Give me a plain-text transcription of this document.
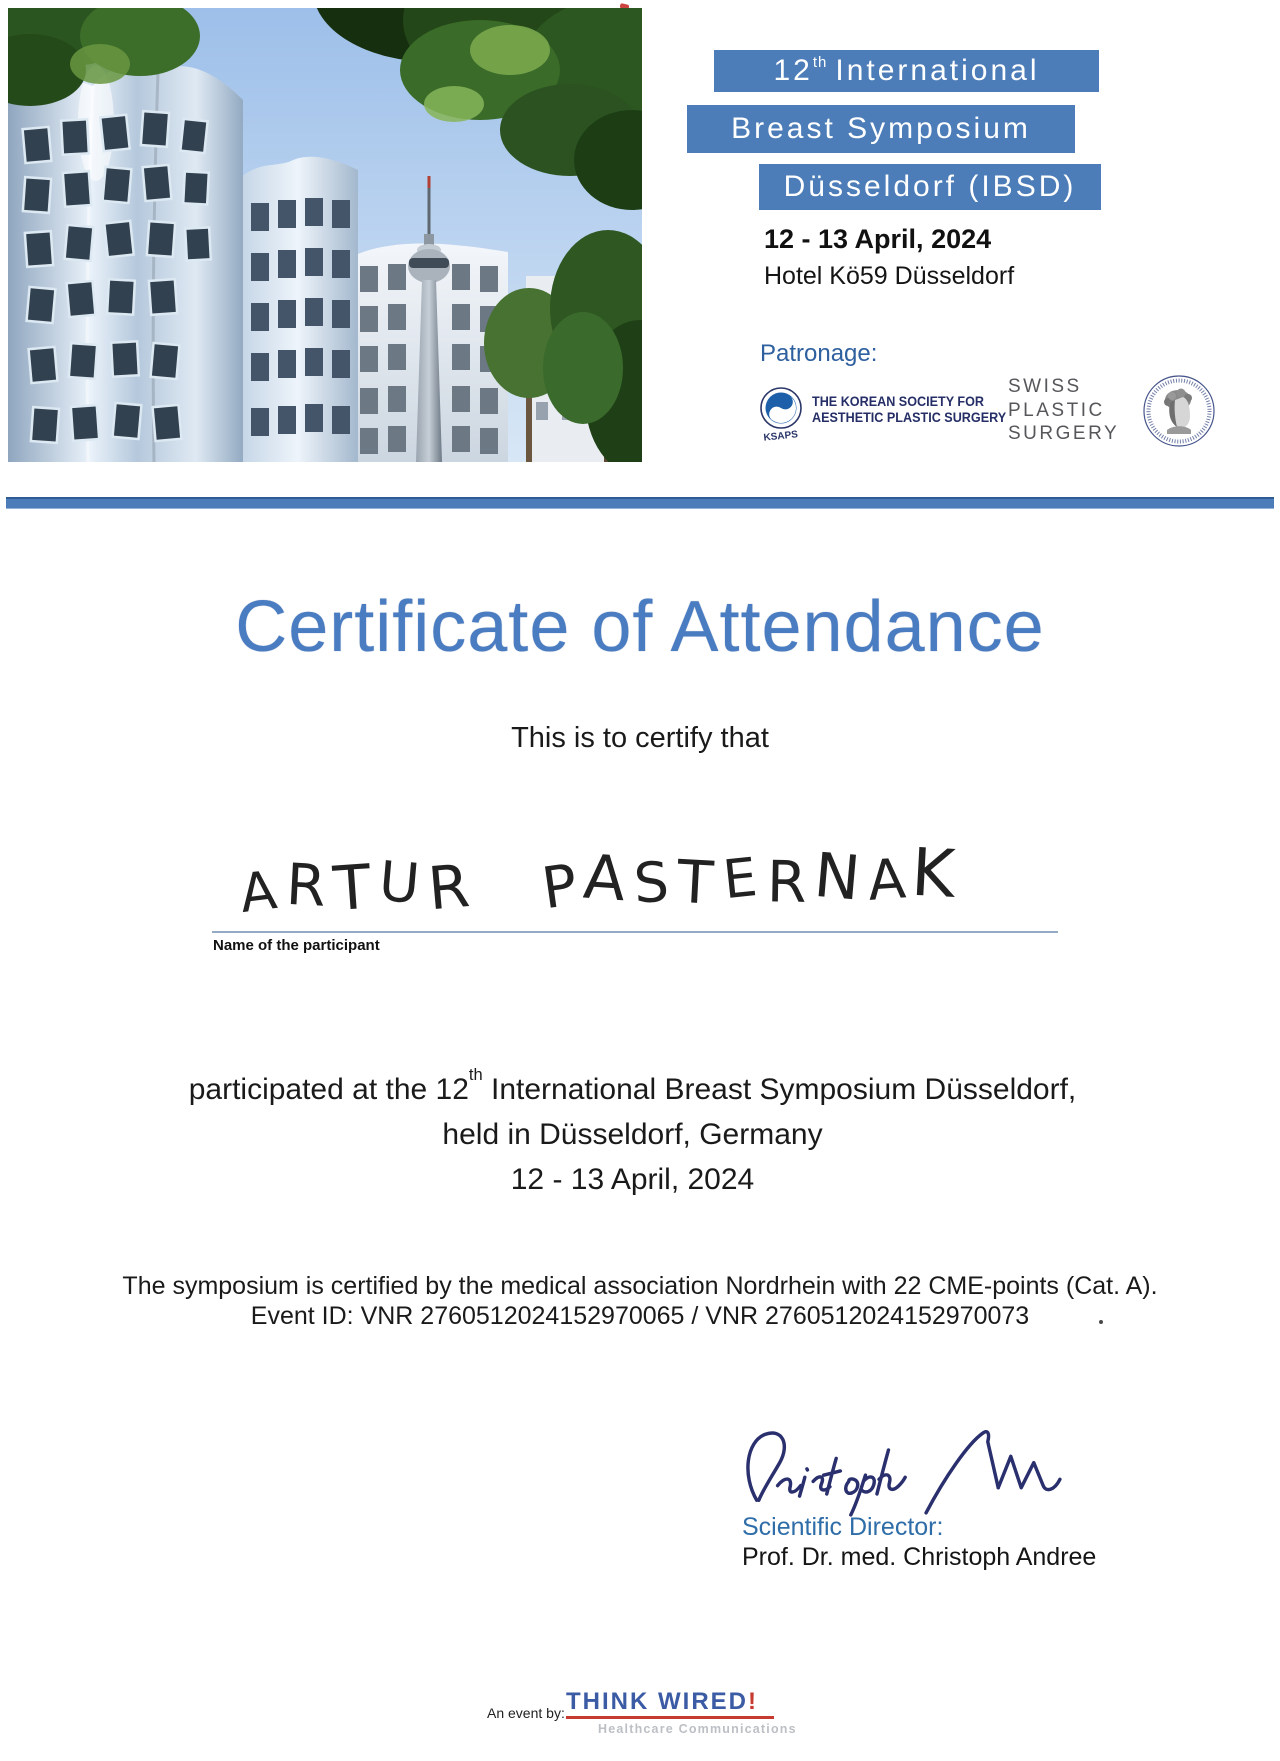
12th International
Breast Symposium
Düsseldorf (IBSD)
12 - 13 April, 2024
Hotel Kö59 Düsseldorf
Patronage:
KSAPS
THE KOREAN SOCIETY FOR
AESTHETIC PLASTIC SURGERY
SWISS
PLASTIC
SURGERY
Certificate of Attendance
This is to certify that
ARTUR PASTERNAK
Name of the participant
participated at the 12th International Breast Symposium Düsseldorf,
held in Düsseldorf, Germany
12 - 13 April, 2024
The symposium is certified by the medical association Nordrhein with 22 CME-points (Cat. A).
Event ID: VNR 2760512024152970065 / VNR 2760512024152970073
Scientific Director:
Prof. Dr. med. Christoph Andree
An event by: THINK WIRED!
Healthcare Communications
